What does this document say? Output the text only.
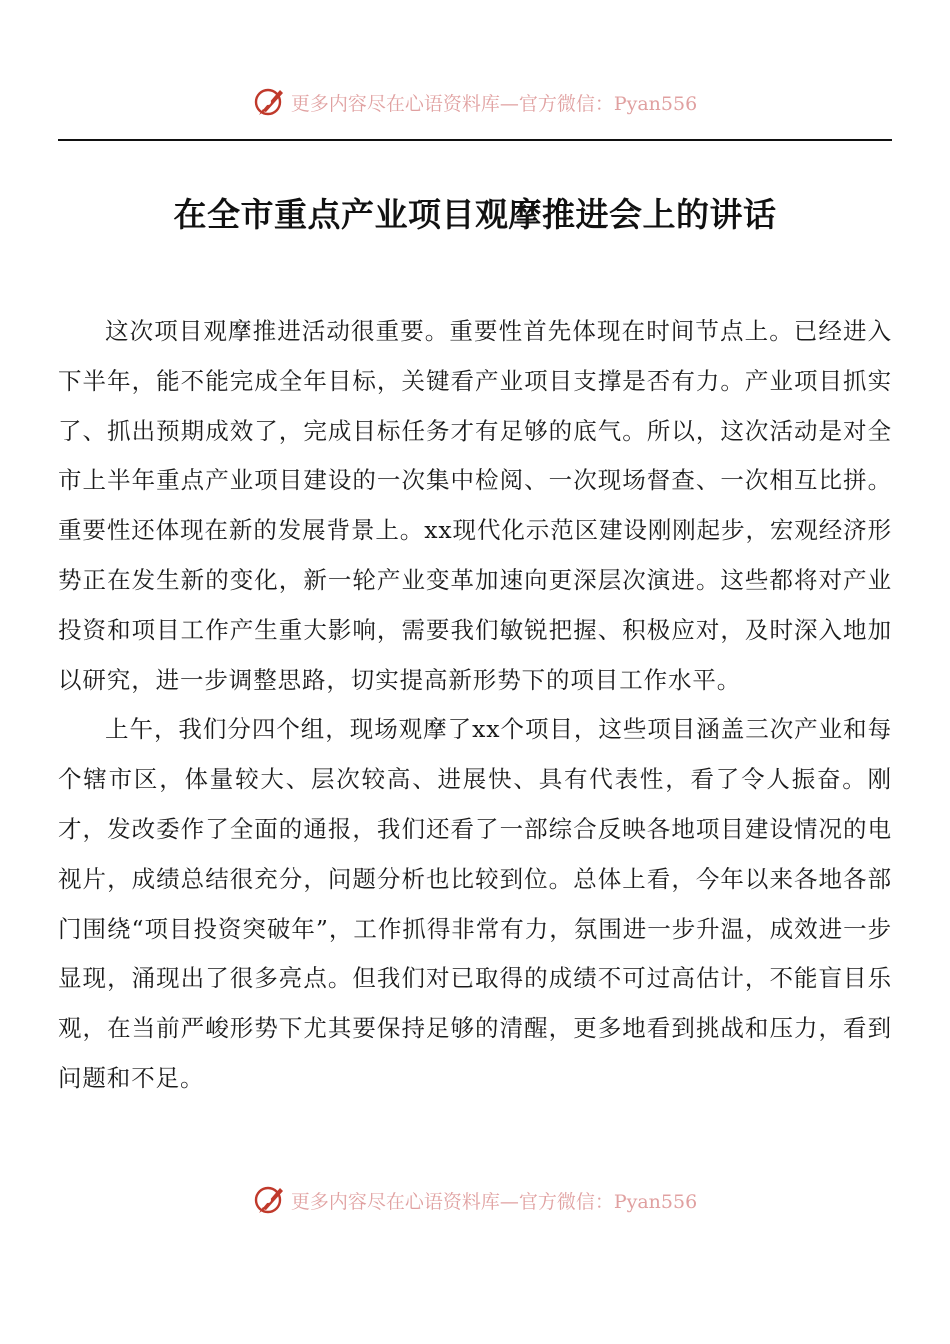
更多内容尽在心语资料库—官方微信：Pyan556
在全市重点产业项目观摩推进会上的讲话

这次项目观摩推进活动很重要。重要性首先体现在时间节点上。已经进入下半年，能不能完成全年目标，关键看产业项目支撑是否有力。产业项目抓实了、抓出预期成效了，完成目标任务才有足够的底气。所以，这次活动是对全市上半年重点产业项目建设的一次集中检阅、一次现场督查、一次相互比拼。重要性还体现在新的发展背景上。xx现代化示范区建设刚刚起步，宏观经济形势正在发生新的变化，新一轮产业变革加速向更深层次演进。这些都将对产业投资和项目工作产生重大影响，需要我们敏锐把握、积极应对，及时深入地加以研究，进一步调整思路，切实提高新形势下的项目工作水平。

上午，我们分四个组，现场观摩了xx个项目，这些项目涵盖三次产业和每个辖市区，体量较大、层次较高、进展快、具有代表性，看了令人振奋。刚才，发改委作了全面的通报，我们还看了一部综合反映各地项目建设情况的电视片，成绩总结很充分，问题分析也比较到位。总体上看，今年以来各地各部门围绕“项目投资突破年”，工作抓得非常有力，氛围进一步升温，成效进一步显现，涌现出了很多亮点。但我们对已取得的成绩不可过高估计，不能盲目乐观，在当前严峻形势下尤其要保持足够的清醒，更多地看到挑战和压力，看到问题和不足。

更多内容尽在心语资料库—官方微信：Pyan556
